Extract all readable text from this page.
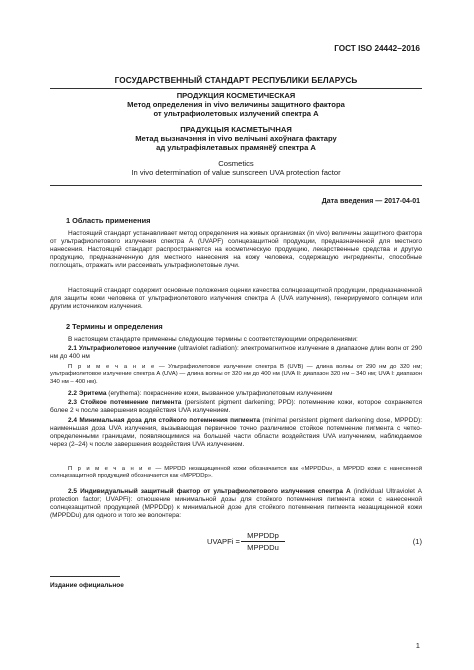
ГОСТ ISO 24442–2016
ГОСУДАРСТВЕННЫЙ СТАНДАРТ РЕСПУБЛИКИ БЕЛАРУСЬ
ПРОДУКЦИЯ КОСМЕТИЧЕСКАЯ
Метод определения in vivo величины защитного фактора
от ультрафиолетовых излучений спектра А
ПРАДУКЦЫЯ КАСМЕТЫЧНАЯ
Метад вызначэння in vivo велічыні ахоўнага фактару
ад ультрафіялетавых прамянёў спектра А
Cosmetics
In vivo determination of value sunscreen UVA protection factor
Дата введения — 2017-04-01
1 Область применения
Настоящий стандарт устанавливает метод определения на живых организмах (in vivo) величины защитного фактора от ультрафиолетового излучения спектра А (UVAPF) солнцезащитной продукции, предназначенной для местного нанесения. Настоящий стандарт распространяется на косметическую продукцию, лекарственные средства и другую продукцию, предназначенную для местного нанесения на кожу человека, содержащую ингредиенты, способные поглощать, отражать или рассеивать ультрафиолетовые лучи.
Настоящий стандарт содержит основные положения оценки качества солнцезащитной продукции, предназначенной для защиты кожи человека от ультрафиолетового излучения спектра А (UVA излучения), генерируемого солнцем или другим источником излучения.
2 Термины и определения
В настоящем стандарте применены следующие термины с соответствующими определениями:
2.1 Ультрафиолетовое излучение (ultraviolet radiation): электромагнитное излучение в диапазоне длин волн от 290 нм до 400 нм
П р и м е ч а н и е — Ультрафиолетовое излучение спектра В (UVB) — длина волны от 290 нм до 320 нм; ультрафиолетовое излучение спектра А (UVA) — длина волны от 320 нм до 400 нм (UVA II: диапазон 320 нм – 340 нм; UVA I: диапазон 340 нм – 400 нм).
2.2 Эритема (erythema): покраснение кожи, вызванное ультрафиолетовым излучением
2.3 Стойкое потемнение пигмента (persistent pigment darkening; PPD): потемнение кожи, которое сохраняется более 2 ч после завершения воздействия UVA излучением.
2.4 Минимальная доза для стойкого потемнения пигмента (minimal persistent pigment darkening dose, MPPDD): наименьшая доза UVA излучения, вызывающая первичное точно различимое стойкое потемнение пигмента с четко-определенными границами, появляющимися на большей части области воздействия UVA излучением, наблюдаемое через (2–24) ч после завершения воздействия UVA излучением.
П р и м е ч а н и е — MPPDD незащищенной кожи обозначается как «MPPDDu», а MPPDD кожи с нанесенной солнцезащитной продукцией обозначается как «MPPDDp».
2.5 Индивидуальный защитный фактор от ультрафиолетового излучения спектра А (individual Ultraviolet A protection factor; UVAPFi): отношение минимальной дозы для стойкого потемнения пигмента кожи с нанесенной солнцезащитной продукцией (MPPDDp) к минимальной дозе для стойкого потемнения пигмента незащищенной кожи (MPPDDu) для одного и того же волонтера:
UVAPFi =
MPPDDp
MPPDDu
(1)
Издание официальное
1
